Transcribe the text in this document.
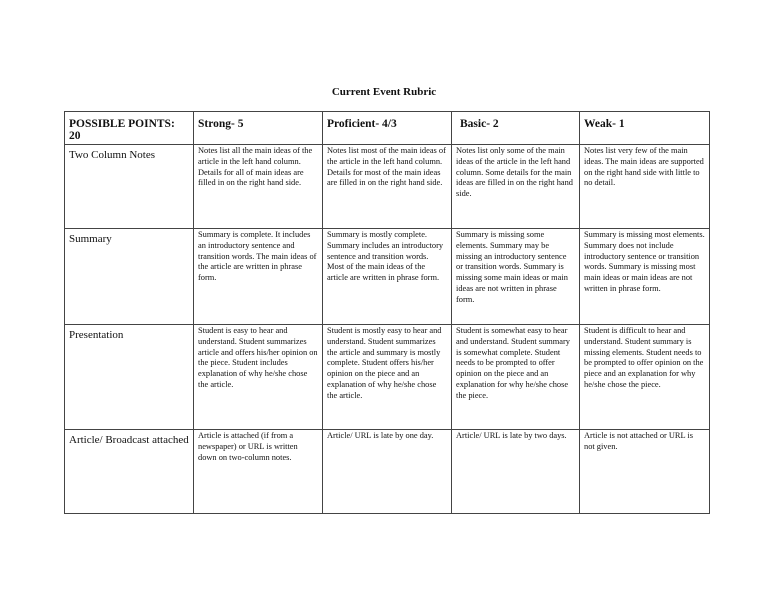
Current Event Rubric
POSSIBLE POINTS: 20	Strong- 5	Proficient- 4/3	Basic- 2	Weak- 1
Two Column Notes	Notes list all the main ideas of the article in the left hand column. Details for all of main ideas are filled in on the right hand side.	Notes list most of the main ideas of the article in the left hand column. Details for most of the main ideas are filled in on the right hand side.	Notes list only some of the main ideas of the article in the left hand column. Some details for the main ideas are filled in on the right hand side.	Notes list very few of the main ideas. The main ideas are supported on the right hand side with little to no detail.
Summary	Summary is complete. It includes an introductory sentence and transition words. The main ideas of the article are written in phrase form.	Summary is mostly complete. Summary includes an introductory sentence and transition words. Most of the main ideas of the article are written in phrase form.	Summary is missing some elements. Summary may be missing an introductory sentence or transition words. Summary is missing some main ideas or main ideas are not written in phrase form.	Summary is missing most elements. Summary does not include introductory sentence or transition words. Summary is missing most main ideas or main ideas are not written in phrase form.
Presentation	Student is easy to hear and understand. Student summarizes article and offers his/her opinion on the piece. Student includes explanation of why he/she chose the article.	Student is mostly easy to hear and understand. Student summarizes the article and summary is mostly complete. Student offers his/her opinion on the piece and an explanation of why he/she chose the article.	Student is somewhat easy to hear and understand. Student summary is somewhat complete. Student needs to be prompted to offer opinion on the piece and an explanation for why he/she chose the piece.	Student is difficult to hear and understand. Student summary is missing elements. Student needs to be prompted to offer opinion on the piece and an explanation for why he/she chose the piece.
Article/ Broadcast attached	Article is attached (if from a newspaper) or URL is written down on two-column notes.	Article/ URL is late by one day.	Article/ URL is late by two days.	Article is not attached or URL is not given.
